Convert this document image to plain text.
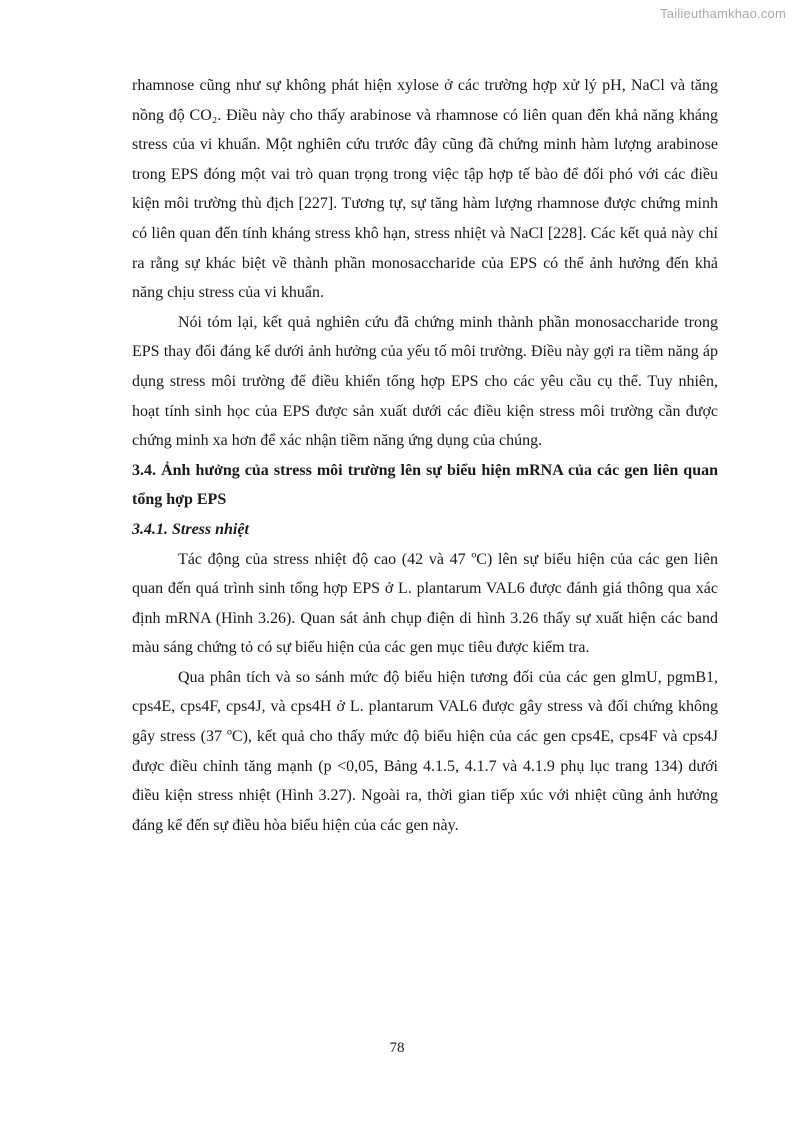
Tailieuthamkhao.com

rhamnose cũng như sự không phát hiện xylose ở các trường hợp xử lý pH, NaCl và tăng nồng độ CO₂. Điều này cho thấy arabinose và rhamnose có liên quan đến khả năng kháng stress của vi khuẩn. Một nghiên cứu trước đây cũng đã chứng minh hàm lượng arabinose trong EPS đóng một vai trò quan trọng trong việc tập hợp tế bào để đối phó với các điều kiện môi trường thù địch [227]. Tương tự, sự tăng hàm lượng rhamnose được chứng minh có liên quan đến tính kháng stress khô hạn, stress nhiệt và NaCl [228]. Các kết quả này chỉ ra rằng sự khác biệt về thành phần monosaccharide của EPS có thể ảnh hưởng đến khả năng chịu stress của vi khuẩn.

Nói tóm lại, kết quả nghiên cứu đã chứng minh thành phần monosaccharide trong EPS thay đổi đáng kể dưới ảnh hưởng của yếu tố môi trường. Điều này gợi ra tiềm năng áp dụng stress môi trường để điều khiển tổng hợp EPS cho các yêu cầu cụ thể. Tuy nhiên, hoạt tính sinh học của EPS được sản xuất dưới các điều kiện stress môi trường cần được chứng minh xa hơn để xác nhận tiềm năng ứng dụng của chúng.

3.4. Ảnh hưởng của stress môi trường lên sự biểu hiện mRNA của các gen liên quan tổng hợp EPS

3.4.1. Stress nhiệt

Tác động của stress nhiệt độ cao (42 và 47 ºC) lên sự biểu hiện của các gen liên quan đến quá trình sinh tổng hợp EPS ở L. plantarum VAL6 được đánh giá thông qua xác định mRNA (Hình 3.26). Quan sát ảnh chụp điện di hình 3.26 thấy sự xuất hiện các band màu sáng chứng tỏ có sự biểu hiện của các gen mục tiêu được kiểm tra.

Qua phân tích và so sánh mức độ biểu hiện tương đối của các gen glmU, pgmB1, cps4E, cps4F, cps4J, và cps4H ở L. plantarum VAL6 được gây stress và đối chứng không gây stress (37 ºC), kết quả cho thấy mức độ biểu hiện của các gen cps4E, cps4F và cps4J được điều chỉnh tăng mạnh (p <0,05, Bảng 4.1.5, 4.1.7 và 4.1.9 phụ lục trang 134) dưới điều kiện stress nhiệt (Hình 3.27). Ngoài ra, thời gian tiếp xúc với nhiệt cũng ảnh hưởng đáng kể đến sự điều hòa biểu hiện của các gen này.

78
